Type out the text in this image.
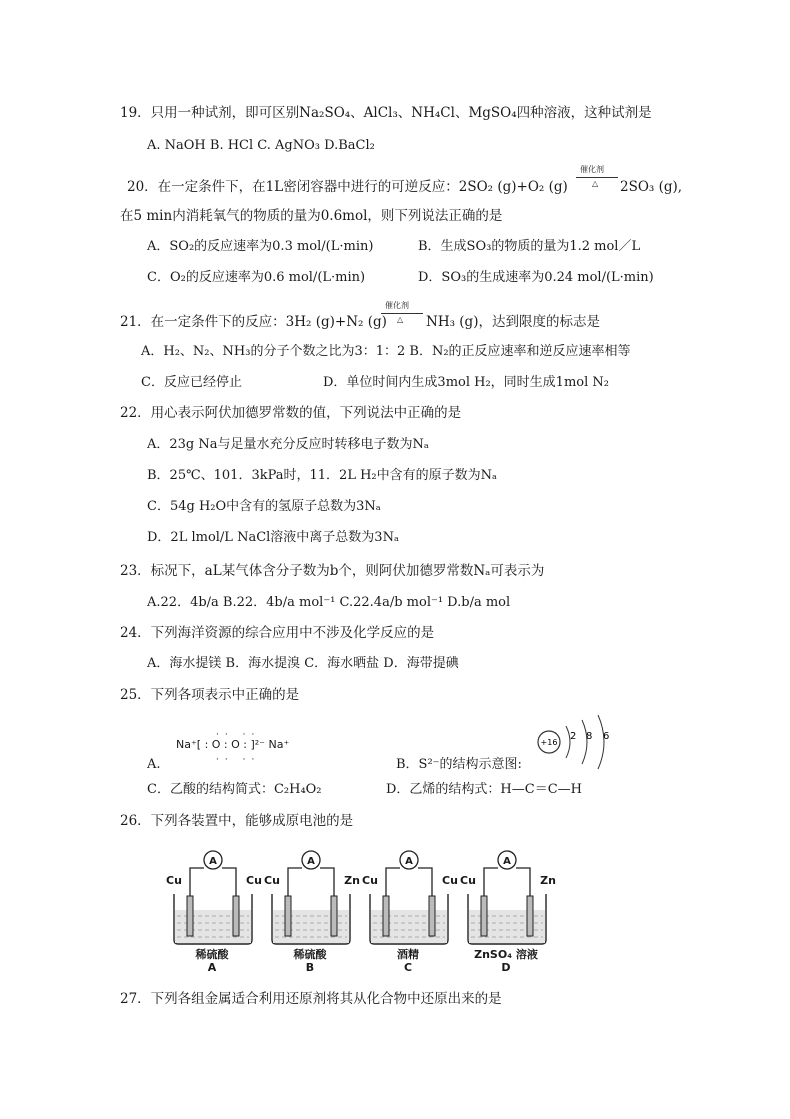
19．只用一种试剂，即可区别Na₂SO₄、AlCl₃、NH₄Cl、MgSO₄四种溶液，这种试剂是
A. NaOH B. HCl C. AgNO₃ D.BaCl₂
20．在一定条件下，在1L密闭容器中进行的可逆反应：2SO₂ (g)+O₂ (g)
催化剂
△ 2SO₃ (g),
在5 min内消耗氧气的物质的量为0.6mol，则下列说法正确的是
A．SO₂的反应速率为0.3 mol/(L·min)	B．生成SO₃的物质的量为1.2 mol／L
C．O₂的反应速率为0.6 mol/(L·min)	D．SO₃的生成速率为0.24 mol/(L·min)
21．在一定条件下的反应：3H₂ (g)+N₂ (g)
催化剂
△ NH₃ (g)，达到限度的标志是
A．H₂、N₂、NH₃的分子个数之比为3：1：2 B．N₂的正反应速率和逆反应速率相等
C．反应已经停止	D．单位时间内生成3mol H₂，同时生成1mol N₂
22．用心表示阿伏加德罗常数的值，下列说法中正确的是
A．23g Na与足量水充分反应时转移电子数为Nₐ
B．25℃、101．3kPa时，11．2L H₂中含有的原子数为Nₐ
C．54g H₂O中含有的氢原子总数为3Nₐ
D．2L lmol/L NaCl溶液中离子总数为3Nₐ
23．标况下，aL某气体含分子数为b个，则阿伏加德罗常数Nₐ可表示为
A.22．4b/a B.22．4b/a mol⁻¹ C.22.4a/b mol⁻¹ D.b/a mol
24．下列海洋资源的综合应用中不涉及化学反应的是
A．海水提镁 B．海水提溴 C．海水晒盐 D．海带提碘
25．下列各项表示中正确的是
Na⁺[ : O : O : ]²⁻ Na⁺
·· ··
·· ··
A.	B．S²⁻的结构示意图:
+16
2 8 6
C．乙酸的结构简式：C₂H₄O₂	D．乙烯的结构式：H—C＝C—H
26．下列各装置中，能够成原电池的是
A
Cu	Cu
稀硫酸
A
A
Cu	Zn
稀硫酸
B
A
Cu	Cu
酒精
C
A
Cu	Zn
ZnSO₄ 溶液
D
27．下列各组金属适合利用还原剂将其从化合物中还原出来的是
